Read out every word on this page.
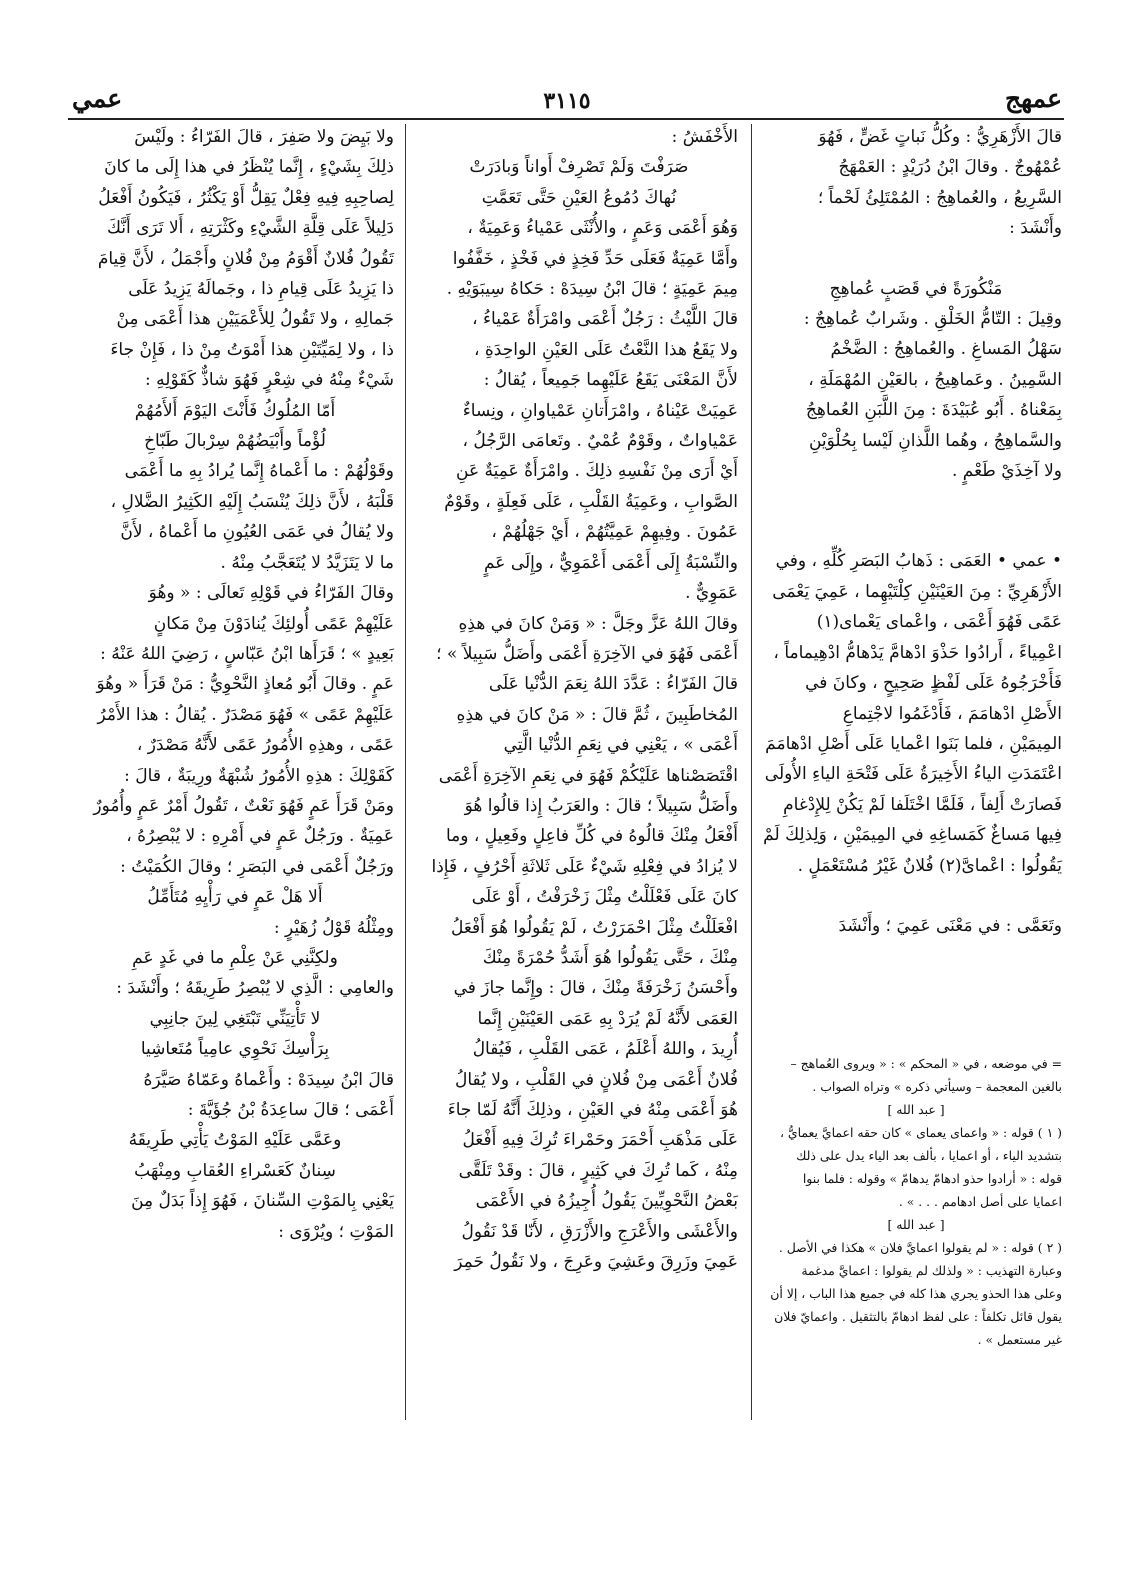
عمهج
٣١١٥
عمي
قالَ الأَزْهَرِيُّ : وكُلُّ نَباتٍ غَضٍّ ، فَهُوَ
عُمْهُوجٌ . وقالَ ابْنُ دُرَيْدٍ : العَمْهَجُ
السَّرِيعُ ، والعُماهِجُ : المُمْتَلِئُ لَحْماً ؛
وأَنْشَدَ :
مَنْكُورَةً في قَصَبٍ عُماهِجِ
وقِيلَ : التّامُّ الخَلْقِ . وشَرابٌ عُماهِجٌ :
سَهْلُ المَساغِ . والعُماهِجُ : الضَّخْمُ
السَّمِينُ . وعَماهِيجُ ، بالعَيْنِ المُهْمَلَةِ ،
بِمَعْناهُ . أَبُو عُبَيْدَةَ : مِنَ اللَّبَنِ العُماهِجُ
والسَّماهِجُ ، وهُما اللَّذانِ لَيْسا بِحُلْوَيْنِ
ولا آخِذَيْ طَعْمٍ .
• عمي • العَمَى : ذَهابُ البَصَرِ كُلِّهِ ، وفي
الأَزْهَرِيِّ : مِنَ العَيْنَيْنِ كِلْتَيْهِما ، عَمِيَ يَعْمَى
عَمًى فَهُوَ أَعْمَى ، واعْماى يَعْماى(١)
اعْمِياءً ، أَرادُوا حَذْوَ ادْهامَّ يَدْهامُّ ادْهِيماماً ،
فَأَخْرَجُوهُ عَلَى لَفْظٍ صَحِيحٍ ، وكانَ في
الأَصْلِ ادْهامَمَ ، فَأَدْغَمُوا لاجْتِماعِ
المِيمَيْنِ ، فلما بَنَوا اعْمايا عَلَى أَصْلِ ادْهامَمَ
اعْتَمَدَتِ الياءُ الأَخِيرَةُ عَلَى فَتْحَةِ الياءِ الأُولَى
فَصارَتْ أَلِفاً ، فَلَمَّا اخْتَلَفا لَمْ يَكُنْ لِلإِدْغامِ
فِيها مَساغٌ كَمَساغِهِ في المِيمَيْنِ ، وَلِذلِكَ لَمْ
يَقُولُوا : اعْماىَّ(٢) فُلانٌ غَيْرُ مُسْتَعْمَلٍ .
وتَعَمَّى : في مَعْنَى عَمِيَ ؛ وأَنْشَدَ
الأَخْفَشُ :
صَرَفْتَ وَلَمْ تَصْرِفْ أَواناً وَبادَرَتْ
نُهاكَ دُمُوعُ العَيْنِ حَتَّى تَعَمَّتِ
وَهُوَ أَعْمَى وَعَمٍ ، والأُنْثَى عَمْياءُ وَعَمِيَةٌ ،
وأَمَّا عَمِيَةٌ فَعَلَى حَدِّ فَخِذٍ في فَخْذٍ ، خَفَّفُوا
مِيمَ عَمِيَةٍ ؛ قالَ ابْنُ سِيدَهْ : حَكاهُ سِيبَوَيْهِ .
قالَ اللَّيْثُ : رَجُلٌ أَعْمَى وامْرَأَةٌ عَمْياءُ ،
ولا يَقَعُ هذا النَّعْتُ عَلَى العَيْنِ الواحِدَةِ ،
لأَنَّ المَعْنَى يَقَعُ عَلَيْهِما جَمِيعاً ، يُقالُ :
عَمِيَتْ عَيْناهُ ، وامْرَأَتانِ عَمْياوانِ ، ونِساءٌ
عَمْياواتٌ ، وقَوْمٌ عُمْيٌ . وتَعامَى الرَّجُلُ ،
أَيْ أَرَى مِنْ نَفْسِهِ ذلِكَ . وامْرَأَةٌ عَمِيَةٌ عَنِ
الصَّوابِ ، وعَمِيَةُ القَلْبِ ، عَلَى فَعِلَةٍ ، وقَوْمٌ
عَمُونَ . وفِيهِمْ عَمِيَّتُهُمْ ، أَيْ جَهْلُهُمْ ،
والنِّسْبَةُ إِلَى أَعْمَى أَعْمَوِيٌّ ، وإِلَى عَمٍ
عَمَوِيٌّ .
وقالَ اللهُ عَزَّ وجَلَّ : « وَمَنْ كانَ في هذِهِ
أَعْمَى فَهُوَ في الآخِرَةِ أَعْمَى وأَضَلُّ سَبِيلاً » ؛
قالَ الفَرّاءُ : عَدَّدَ اللهُ نِعَمَ الدُّنْيا عَلَى
المُخاطَبِينَ ، ثُمَّ قالَ : « مَنْ كانَ في هذِهِ
أَعْمَى » ، يَعْنِي في نِعَمِ الدُّنْيا الَّتِي
اقْتَصَصْناها عَلَيْكُمْ فَهُوَ في نِعَمِ الآخِرَةِ أَعْمَى
وأَضَلُّ سَبِيلاً ؛ قالَ : والعَرَبُ إِذا قالُوا هُوَ
أَفْعَلُ مِنْكَ قالُوهُ في كُلِّ فاعِلٍ وفَعِيلٍ ، وما
لا يُزادُ في فِعْلِهِ شَيْءٌ عَلَى ثَلاثَةِ أَحْرُفٍ ، فَإِذا
كانَ عَلَى فَعْلَلْتُ مِثْلَ زَخْرَفْتُ ، أَوْ عَلَى
افْعَلَلْتُ مِثْلَ احْمَرَرْتُ ، لَمْ يَقُولُوا هُوَ أَفْعَلُ
مِنْكَ ، حَتَّى يَقُولُوا هُوَ أَشَدُّ حُمْرَةً مِنْكَ
وأَحْسَنُ زَخْرَفَةً مِنْكَ ، قالَ : وإِنَّما جازَ في
العَمَى لأَنَّهُ لَمْ يُرَدْ بِهِ عَمَى العَيْنَيْنِ إِنَّما
أُرِيدَ ، واللهُ أَعْلَمُ ، عَمَى القَلْبِ ، فَيُقالُ
فُلانٌ أَعْمَى مِنْ فُلانٍ في القَلْبِ ، ولا يُقالُ
هُوَ أَعْمَى مِنْهُ في العَيْنِ ، وذلِكَ أَنَّهُ لَمّا جاءَ
عَلَى مَذْهَبِ أَحْمَرَ وحَمْراءَ تُرِكَ فِيهِ أَفْعَلُ
مِنْهُ ، كَما تُرِكَ في كَثِيرٍ ، قالَ : وقَدْ تَلَقَّى
بَعْضُ النَّحْوِيِّينَ يَقُولُ أُجِيزُهُ في الأَعْمَى
والأَعْشَى والأَعْرَجِ والأَزْرَقِ ، لأَنّا قَدْ نَقُولُ
عَمِيَ وزَرِقَ وعَشِيَ وعَرِجَ ، ولا نَقُولُ حَمِرَ
ولا بَيِضَ ولا صَفِرَ ، قالَ الفَرّاءُ : ولَيْسَ
ذلِكَ بِشَيْءٍ ، إِنَّما يُنْظَرُ في هذا إِلَى ما كانَ
لِصاحِبِهِ فِيهِ فِعْلٌ يَقِلُّ أَوْ يَكْثُرُ ، فَيَكُونُ أَفْعَلُ
دَلِيلاً عَلَى قِلَّةِ الشَّيْءِ وكَثْرَتِهِ ، أَلا تَرَى أَنَّكَ
تَقُولُ فُلانٌ أَقْوَمُ مِنْ فُلانٍ وأَجْمَلُ ، لأَنَّ قِيامَ
ذا يَزِيدُ عَلَى قِيامِ ذا ، وجَمالَهُ يَزِيدُ عَلَى
جَمالِهِ ، ولا تَقُولُ لِلأَعْمَيَيْنِ هذا أَعْمَى مِنْ
ذا ، ولا لِمَيِّتَيْنِ هذا أَمْوَتُ مِنْ ذا ، فَإِنْ جاءَ
شَيْءٌ مِنْهُ في شِعْرٍ فَهُوَ شاذٌّ كَقَوْلِهِ :
أَمّا المُلُوكُ فَأَنْتَ اليَوْمَ أَلأَمُهُمْ
لُؤْماً وأَبْيَضُهُمْ سِرْبالَ طَبّاخِ
وقَوْلُهُمْ : ما أَعْماهُ إِنَّما يُرادُ بِهِ ما أَعْمَى
قَلْبَهُ ، لأَنَّ ذلِكَ يُنْسَبُ إِلَيْهِ الكَثِيرُ الضَّلالِ ،
ولا يُقالُ في عَمَى العُيُونِ ما أَعْماهُ ، لأَنَّ
ما لا يَتَزَيَّدُ لا يُتَعَجَّبُ مِنْهُ .
وقالَ الفَرّاءُ في قَوْلِهِ تَعالَى : « وهُوَ
عَلَيْهِمْ عَمًى أُولئِكَ يُنادَوْنَ مِنْ مَكانٍ
بَعِيدٍ » ؛ قَرَأَها ابْنُ عَبّاسٍ ، رَضِيَ اللهُ عَنْهُ :
عَمٍ . وقالَ أَبُو مُعاذٍ النَّحْوِيُّ : مَنْ قَرَأَ « وهُوَ
عَلَيْهِمْ عَمًى » فَهُوَ مَصْدَرٌ . يُقالُ : هذا الأَمْرُ
عَمًى ، وهذِهِ الأُمُورُ عَمًى لأَنَّهُ مَصْدَرٌ ،
كَقَوْلِكَ : هذِهِ الأُمُورُ شُبْهَةٌ ورِيبَةٌ ، قالَ :
ومَنْ قَرَأَ عَمٍ فَهُوَ نَعْتٌ ، تَقُولُ أَمْرٌ عَمٍ وأُمُورٌ
عَمِيَةٌ . ورَجُلٌ عَمٍ في أَمْرِهِ : لا يُبْصِرُهُ ،
ورَجُلٌ أَعْمَى في البَصَرِ ؛ وقالَ الكُمَيْتُ :
أَلا هَلْ عَمٍ في رَأْيِهِ مُتَأَمِّلُ
ومِثْلُهُ قَوْلُ زُهَيْرٍ :
ولكِنَّنِي عَنْ عِلْمِ ما في غَدٍ عَمِ
والعامِي : الَّذِي لا يُبْصِرُ طَرِيقَهُ ؛ وأَنْشَدَ :
لا تَأْتِيَنِّي تَبْتَغِي لِينَ جانِبِي
بِرَأْسِكَ نَحْوِي عامِياً مُتَعاشِيا
قالَ ابْنُ سِيدَهْ : وأَعْماهُ وعَمّاهُ صَيَّرَهُ
أَعْمَى ؛ قالَ ساعِدَةُ بْنُ جُؤَيَّةَ :
وعَمَّى عَلَيْهِ المَوْتُ يَأْتِي طَرِيقَهُ
سِنانٌ كَعَسْراءِ العُقابِ ومِنْهَبُ
يَعْنِي بِالمَوْتِ السِّنانَ ، فَهُوَ إِذاً بَدَلٌ مِنَ
المَوْتِ ؛ ويُرْوَى :
= في موضعه ، في « المحكم » : « ويروى العُماهج – بالغين المعجمة – وسيأتي ذكره » وتراه الصواب .
[ عبد الله ]
( ١ ) قوله : « واعماى يعماى » كان حقه اعمايَّ يعمايُّ ، بتشديد الياء ، أو اعمايا ، بألف بعد الياء يدل على ذلك قوله : « أرادوا حذو ادهامّ يدهامّ » وقوله : فلما بنوا اعمايا على أصل ادهامم . . . » .
[ عبد الله ]
( ٢ ) قوله : « لم يقولوا اعمايَّ فلان » هكذا في الأصل . وعبارة التهذيب : « ولذلك لم يقولوا : اعمايَّ مدغمة وعلى هذا الحذو يجري هذا كله في جميع هذا الباب ، إلا أن يقول قائل تكلفاً : على لفظ ادهامّ بالتثقيل . واعمايّ فلان غير مستعمل » .
